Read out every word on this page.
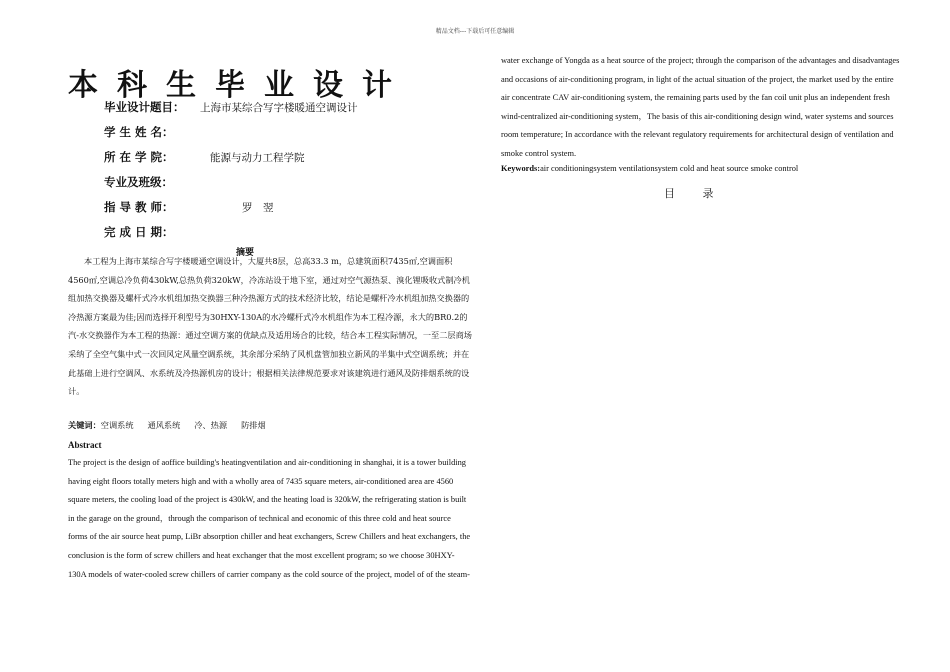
精品文档---下载后可任意编辑
本科生毕业设计
毕业设计题目： 上海市某综合写字楼暖通空调设计
学 生 姓 名：
所 在 学 院：	能源与动力工程学院
专业及班级：
指 导 教 师：	罗　翌
完 成 日 期：
摘要

本工程为上海市某综合写字楼暖通空调设计，大厦共8层，总高33.3 m，总建筑面积7435㎡,空调面积4560㎡,空调总冷负荷430kW,总热负荷320kW，冷冻站设于地下室，通过对空气源热泵、溴化锂吸收式制冷机组加热交换器及螺杆式冷水机组加热交换器三种冷热源方式的技术经济比较，结论是螺杆冷水机组加热交换器的冷热源方案最为佳;因而选择开利型号为30HXY-130A的水冷螺杆式冷水机组作为本工程冷源，永大的BR0.2的汽-水交换器作为本工程的热源：通过空调方案的优缺点及适用场合的比较，结合本工程实际情况，一至二层商场采纳了全空气集中式一次回风定风量空调系统，其余部分采纳了风机盘管加独立新风的半集中式空调系统；并在此基础上进行空调风、水系统及冷热源机房的设计；根据相关法律规范要求对该建筑进行通风及防排烟系统的设计。

关键词：空调系统 通风系统 冷、热源 防排烟
Abstract

The project is the design of aoffice building's heatingventilation and air-conditioning in shanghai, it is a tower building having eight floors totally meters high and with a wholly area of 7435 square meters, air-conditioned area are 4560 square meters, the cooling load of the project is 430kW, and the heating load is 320kW, the refrigerating station is built in the garage on the ground，through the comparison of technical and economic of this three cold and heat source forms of the air source heat pump, LiBr absorption chiller and heat exchangers, Screw Chillers and heat exchangers, the conclusion is the form of screw chillers and heat exchanger that the most excellent program; so we choose 30HXY-130A models of water-cooled screw chillers of carrier company as the cold source of the project, model of of the steam-

water exchange of Yongda as a heat source of the project; through the comparison of the advantages and disadvantages and occasions of air-conditioning program, in light of the actual situation of the project, the market used by the entire air concentrate CAV air-conditioning system, the remaining parts used by the fan coil unit plus an independent fresh wind-centralized air-conditioning system，The basis of this air-conditioning design wind, water systems and sources room temperature; In accordance with the relevant regulatory requirements for architectural design of ventilation and smoke control system.

Keywords:air conditioningsystem ventilationsystem cold and heat source smoke control
目 录
